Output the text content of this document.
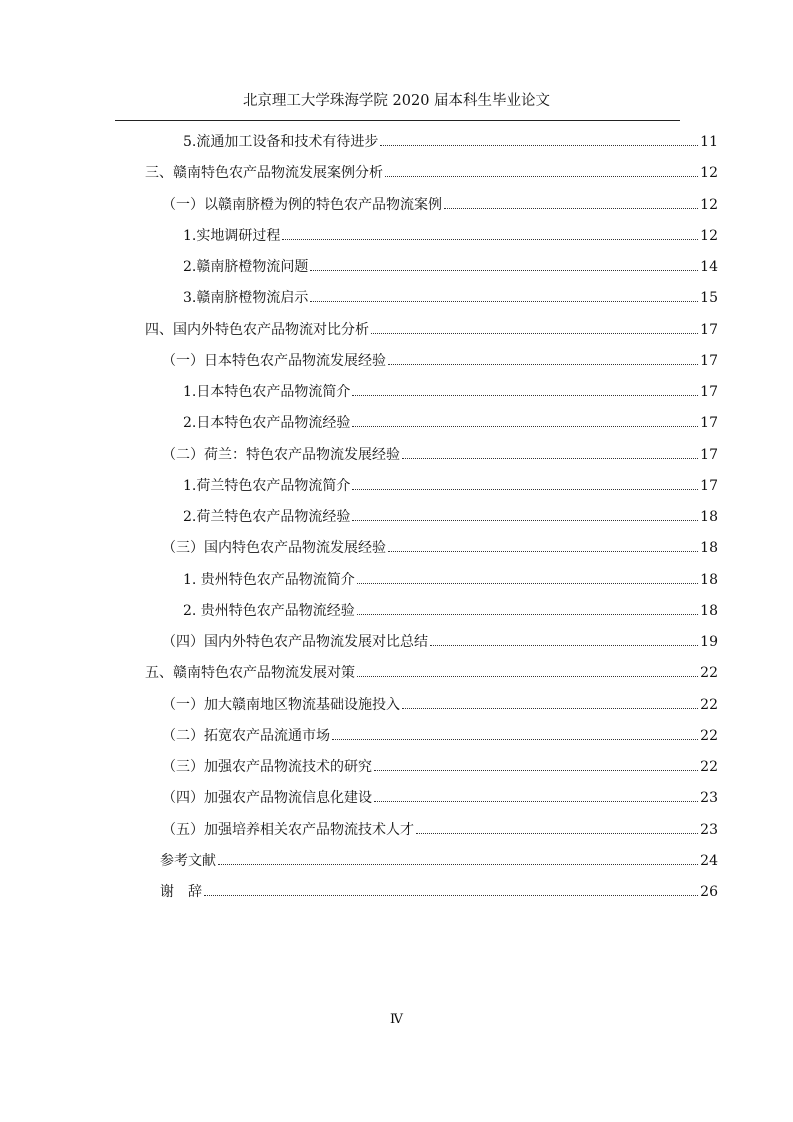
北京理工大学珠海学院 2020 届本科生毕业论文
5.流通加工设备和技术有待进步	11
三、赣南特色农产品物流发展案例分析	12
（一）以赣南脐橙为例的特色农产品物流案例	12
1.实地调研过程	12
2.赣南脐橙物流问题	14
3.赣南脐橙物流启示	15
四、国内外特色农产品物流对比分析	17
（一）日本特色农产品物流发展经验	17
1.日本特色农产品物流简介	17
2.日本特色农产品物流经验	17
（二）荷兰：特色农产品物流发展经验	17
1.荷兰特色农产品物流简介	17
2.荷兰特色农产品物流经验	18
（三）国内特色农产品物流发展经验	18
1. 贵州特色农产品物流简介	18
2. 贵州特色农产品物流经验	18
（四）国内外特色农产品物流发展对比总结	19
五、赣南特色农产品物流发展对策	22
（一）加大赣南地区物流基础设施投入	22
（二）拓宽农产品流通市场	22
（三）加强农产品物流技术的研究	22
（四）加强农产品物流信息化建设	23
（五）加强培养相关农产品物流技术人才	23
参考文献	24
谢　辞	26
Ⅳ
